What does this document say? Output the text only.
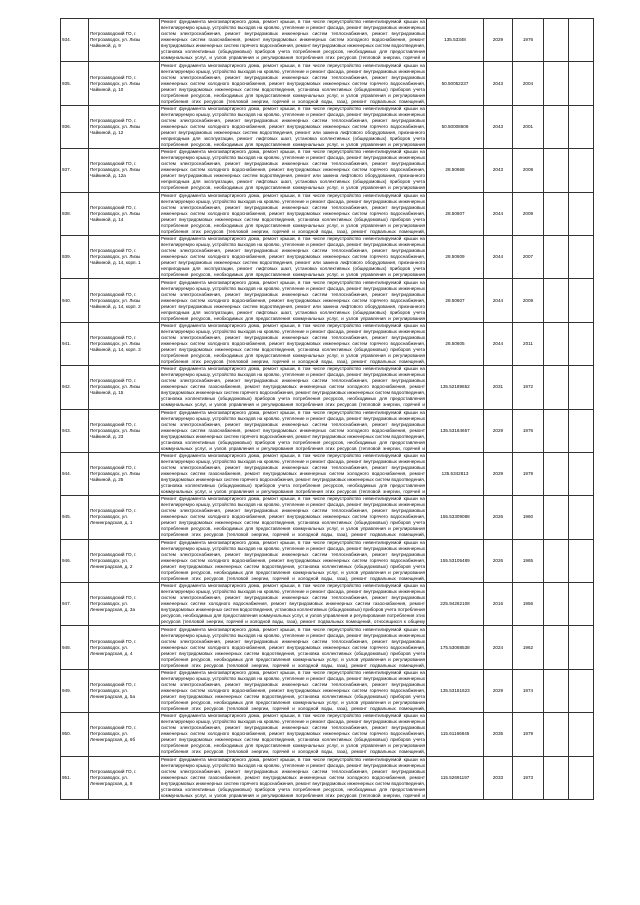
934.	Петрозаводский ГО, г. Петрозаводск, ул. Лизы Чайкиной, д. 9	Ремонт фундамента многоквартирного дома, ремонт крыши, в том числе переустройство невентилируемой крыши на вентилируемую крышу, устройство выходов на кровлю, утепление и ремонт фасада, ремонт внутридомовых инженерных систем электроснабжения, ремонт внутридомовых инженерных систем теплоснабжения, ремонт внутридомовых инженерных систем газоснабжения, ремонт внутридомовых инженерных систем холодного водоснабжения, ремонт внутридомовых инженерных систем горячего водоснабжения, ремонт внутридомовых инженерных систем водоотведения, установка коллективных (общедомовых) приборов учета потребления ресурсов, необходимых для предоставления коммунальных услуг, и узлов управления и регулирования потребления этих ресурсов (тепловой энергии, горячей и	135.53348	2029	1976		
935.	Петрозаводский ГО, г. Петрозаводск, ул. Лизы Чайкиной, д. 10	Ремонт фундамента многоквартирного дома, ремонт крыши, в том числе переустройство невентилируемой крыши на вентилируемую крышу, устройство выходов на кровлю, утепление и ремонт фасада, ремонт внутридомовых инженерных систем электроснабжения, ремонт внутридомовых инженерных систем теплоснабжения, ремонт внутридомовых инженерных систем холодного водоснабжения, ремонт внутридомовых инженерных систем горячего водоснабжения, ремонт внутридомовых инженерных систем водоотведения, установка коллективных (общедомовых) приборов учета потребления ресурсов, необходимых для предоставления коммунальных услуг, и узлов управления и регулирования потребления этих ресурсов (тепловой энергии, горячей и холодной воды, газа), ремонт подвальных помещений,	50.50052237	2043	2004		
936.	Петрозаводский ГО, г. Петрозаводск, ул. Лизы Чайкиной, д. 12	Ремонт фундамента многоквартирного дома, ремонт крыши, в том числе переустройство невентилируемой крыши на вентилируемую крышу, устройство выходов на кровлю, утепление и ремонт фасада, ремонт внутридомовых инженерных систем электроснабжения, ремонт внутридомовых инженерных систем теплоснабжения, ремонт внутридомовых инженерных систем холодного водоснабжения, ремонт внутридомовых инженерных систем горячего водоснабжения, ремонт внутридомовых инженерных систем водоотведения, ремонт или замена лифтового оборудования, признанного непригодным для эксплуатации, ремонт лифтовых шахт, установка коллективных (общедомовых) приборов учета потребления ресурсов, необходимых для предоставления коммунальных услуг, и узлов управления и регулирования	50.50008608	2043	2001		
937.	Петрозаводский ГО, г. Петрозаводск, ул. Лизы Чайкиной, д. 12а	Ремонт фундамента многоквартирного дома, ремонт крыши, в том числе переустройство невентилируемой крыши на вентилируемую крышу, устройство выходов на кровлю, утепление и ремонт фасада, ремонт внутридомовых инженерных систем электроснабжения, ремонт внутридомовых инженерных систем теплоснабжения, ремонт внутридомовых инженерных систем холодного водоснабжения, ремонт внутридомовых инженерных систем горячего водоснабжения, ремонт внутридомовых инженерных систем водоотведения, ремонт или замена лифтового оборудования, признанного непригодным для эксплуатации, ремонт лифтовых шахт, установка коллективных (общедомовых) приборов учета потребления ресурсов, необходимых для предоставления коммунальных услуг, и узлов управления и регулирования	28.50668	2043	2008		
938.	Петрозаводский ГО, г. Петрозаводск, ул. Лизы Чайкиной, д. 14	Ремонт фундамента многоквартирного дома, ремонт крыши, в том числе переустройство невентилируемой крыши на вентилируемую крышу, устройство выходов на кровлю, утепление и ремонт фасада, ремонт внутридомовых инженерных систем электроснабжения, ремонт внутридомовых инженерных систем теплоснабжения, ремонт внутридомовых инженерных систем холодного водоснабжения, ремонт внутридомовых инженерных систем горячего водоснабжения, ремонт внутридомовых инженерных систем водоотведения, установка коллективных (общедомовых) приборов учета потребления ресурсов, необходимых для предоставления коммунальных услуг, и узлов управления и регулирования потребления этих ресурсов (тепловой энергии, горячей и холодной воды, газа), ремонт подвальных помещений,	28.50607	2044	2009		
939.	Петрозаводский ГО, г. Петрозаводск, ул. Лизы Чайкиной, д. 14, корп. 1	Ремонт фундамента многоквартирного дома, ремонт крыши, в том числе переустройство невентилируемой крыши на вентилируемую крышу, устройство выходов на кровлю, утепление и ремонт фасада, ремонт внутридомовых инженерных систем электроснабжения, ремонт внутридомовых инженерных систем теплоснабжения, ремонт внутридомовых инженерных систем холодного водоснабжения, ремонт внутридомовых инженерных систем горячего водоснабжения, ремонт внутридомовых инженерных систем водоотведения, ремонт или замена лифтового оборудования, признанного непригодным для эксплуатации, ремонт лифтовых шахт, установка коллективных (общедомовых) приборов учета потребления ресурсов, необходимых для предоставления коммунальных услуг, и узлов управления и регулирования	28.50609	2044	2007		
940.	Петрозаводский ГО, г. Петрозаводск, ул. Лизы Чайкиной, д. 14, корп. 2	Ремонт фундамента многоквартирного дома, ремонт крыши, в том числе переустройство невентилируемой крыши на вентилируемую крышу, устройство выходов на кровлю, утепление и ремонт фасада, ремонт внутридомовых инженерных систем электроснабжения, ремонт внутридомовых инженерных систем теплоснабжения, ремонт внутридомовых инженерных систем холодного водоснабжения, ремонт внутридомовых инженерных систем горячего водоснабжения, ремонт внутридомовых инженерных систем водоотведения, ремонт или замена лифтового оборудования, признанного непригодным для эксплуатации, ремонт лифтовых шахт, установка коллективных (общедомовых) приборов учета потребления ресурсов, необходимых для предоставления коммунальных услуг, и узлов управления и регулирования	28.50607	2044	2009		
941.	Петрозаводский ГО, г. Петрозаводск, ул. Лизы Чайкиной, д. 14, корп. 3	Ремонт фундамента многоквартирного дома, ремонт крыши, в том числе переустройство невентилируемой крыши на вентилируемую крышу, устройство выходов на кровлю, утепление и ремонт фасада, ремонт внутридомовых инженерных систем электроснабжения, ремонт внутридомовых инженерных систем теплоснабжения, ремонт внутридомовых инженерных систем холодного водоснабжения, ремонт внутридомовых инженерных систем горячего водоснабжения, ремонт внутридомовых инженерных систем водоотведения, установка коллективных (общедомовых) приборов учета потребления ресурсов, необходимых для предоставления коммунальных услуг, и узлов управления и регулирования потребления этих ресурсов (тепловой энергии, горячей и холодной воды, газа), ремонт подвальных помещений,	28.50605	2044	2011		
942.	Петрозаводский ГО, г. Петрозаводск, ул. Лизы Чайкиной, д. 15	Ремонт фундамента многоквартирного дома, ремонт крыши, в том числе переустройство невентилируемой крыши на вентилируемую крышу, устройство выходов на кровлю, утепление и ремонт фасада, ремонт внутридомовых инженерных систем электроснабжения, ремонт внутридомовых инженерных систем теплоснабжения, ремонт внутридомовых инженерных систем газоснабжения, ремонт внутридомовых инженерных систем холодного водоснабжения, ремонт внутридомовых инженерных систем горячего водоснабжения, ремонт внутридомовых инженерных систем водоотведения, установка коллективных (общедомовых) приборов учета потребления ресурсов, необходимых для предоставления коммунальных услуг, и узлов управления и регулирования потребления этих ресурсов (тепловой энергии, горячей и	135.52189652	2031	1972		
943.	Петрозаводский ГО, г. Петрозаводск, ул. Лизы Чайкиной, д. 23	Ремонт фундамента многоквартирного дома, ремонт крыши, в том числе переустройство невентилируемой крыши на вентилируемую крышу, устройство выходов на кровлю, утепление и ремонт фасада, ремонт внутридомовых инженерных систем электроснабжения, ремонт внутридомовых инженерных систем теплоснабжения, ремонт внутридомовых инженерных систем газоснабжения, ремонт внутридомовых инженерных систем холодного водоснабжения, ремонт внутридомовых инженерных систем горячего водоснабжения, ремонт внутридомовых инженерных систем водоотведения, установка коллективных (общедомовых) приборов учета потребления ресурсов, необходимых для предоставления коммунальных услуг, и узлов управления и регулирования потребления этих ресурсов (тепловой энергии, горячей и	135.53184657	2029	1976		
944.	Петрозаводский ГО, г. Петрозаводск, ул. Лизы Чайкиной, д. 25	Ремонт фундамента многоквартирного дома, ремонт крыши, в том числе переустройство невентилируемой крыши на вентилируемую крышу, устройство выходов на кровлю, утепление и ремонт фасада, ремонт внутридомовых инженерных систем электроснабжения, ремонт внутридомовых инженерных систем теплоснабжения, ремонт внутридомовых инженерных систем газоснабжения, ремонт внутридомовых инженерных систем холодного водоснабжения, ремонт внутридомовых инженерных систем горячего водоснабжения, ремонт внутридомовых инженерных систем водоотведения, установка коллективных (общедомовых) приборов учета потребления ресурсов, необходимых для предоставления коммунальных услуг, и узлов управления и регулирования потребления этих ресурсов (тепловой энергии, горячей и	135.5342813	2029	1979		
945.	Петрозаводский ГО, г. Петрозаводск, ул. Ленинградская, д. 1	Ремонт фундамента многоквартирного дома, ремонт крыши, в том числе переустройство невентилируемой крыши на вентилируемую крышу, устройство выходов на кровлю, утепление и ремонт фасада, ремонт внутридомовых инженерных систем электроснабжения, ремонт внутридомовых инженерных систем теплоснабжения, ремонт внутридомовых инженерных систем холодного водоснабжения, ремонт внутридомовых инженерных систем горячего водоснабжения, ремонт внутридомовых инженерных систем водоотведения, установка коллективных (общедомовых) приборов учета потребления ресурсов, необходимых для предоставления коммунальных услуг, и узлов управления и регулирования потребления этих ресурсов (тепловой энергии, горячей и холодной воды, газа), ремонт подвальных помещений,	155.53309088	2026	1960		
946.	Петрозаводский ГО, г. Петрозаводск, ул. Ленинградская, д. 2	Ремонт фундамента многоквартирного дома, ремонт крыши, в том числе переустройство невентилируемой крыши на вентилируемую крышу, устройство выходов на кровлю, утепление и ремонт фасада, ремонт внутридомовых инженерных систем электроснабжения, ремонт внутридомовых инженерных систем теплоснабжения, ремонт внутридомовых инженерных систем холодного водоснабжения, ремонт внутридомовых инженерных систем горячего водоснабжения, ремонт внутридомовых инженерных систем водоотведения, установка коллективных (общедомовых) приборов учета потребления ресурсов, необходимых для предоставления коммунальных услуг, и узлов управления и регулирования потребления этих ресурсов (тепловой энергии, горячей и холодной воды, газа), ремонт подвальных помещений,	155.53105489	2026	1965		
947.	Петрозаводский ГО, г. Петрозаводск, ул. Ленинградская, д. 3а	Ремонт фундамента многоквартирного дома, ремонт крыши, в том числе переустройство невентилируемой крыши на вентилируемую крышу, устройство выходов на кровлю, утепление и ремонт фасада, ремонт внутридомовых инженерных систем электроснабжения, ремонт внутридомовых инженерных систем теплоснабжения, ремонт внутридомовых инженерных систем холодного водоснабжения, ремонт внутридомовых инженерных систем газоснабжения, ремонт внутридомовых инженерных систем водоотведения, установка коллективных (общедомовых) приборов учета потребления ресурсов, необходимых для предоставления коммунальных услуг, и узлов управления и регулирования потребления этих ресурсов (тепловой энергии, горячей и холодной воды, газа), ремонт подвальных помещений, относящихся к общему	225.94262108	2016	1956		
948.	Петрозаводский ГО, г. Петрозаводск, ул. Ленинградская, д. 4	Ремонт фундамента многоквартирного дома, ремонт крыши, в том числе переустройство невентилируемой крыши на вентилируемую крышу, устройство выходов на кровлю, утепление и ремонт фасада, ремонт внутридомовых инженерных систем электроснабжения, ремонт внутридомовых инженерных систем теплоснабжения, ремонт внутридомовых инженерных систем холодного водоснабжения, ремонт внутридомовых инженерных систем горячего водоснабжения, ремонт внутридомовых инженерных систем водоотведения, установка коллективных (общедомовых) приборов учета потребления ресурсов, необходимых для предоставления коммунальных услуг, и узлов управления и регулирования потребления этих ресурсов (тепловой энергии, горячей и холодной воды, газа), ремонт подвальных помещений,	175.53068538	2024	1962		
949.	Петрозаводский ГО, г. Петрозаводск, ул. Ленинградская, д. 5а	Ремонт фундамента многоквартирного дома, ремонт крыши, в том числе переустройство невентилируемой крыши на вентилируемую крышу, устройство выходов на кровлю, утепление и ремонт фасада, ремонт внутридомовых инженерных систем электроснабжения, ремонт внутридомовых инженерных систем теплоснабжения, ремонт внутридомовых инженерных систем холодного водоснабжения, ремонт внутридомовых инженерных систем горячего водоснабжения, ремонт внутридомовых инженерных систем водоотведения, установка коллективных (общедомовых) приборов учета потребления ресурсов, необходимых для предоставления коммунальных услуг, и узлов управления и регулирования потребления этих ресурсов (тепловой энергии, горячей и холодной воды, газа), ремонт подвальных помещений,	135.53181623	2029	1974		
950.	Петрозаводский ГО, г. Петрозаводск, ул. Ленинградская, д. 6б	Ремонт фундамента многоквартирного дома, ремонт крыши, в том числе переустройство невентилируемой крыши на вентилируемую крышу, устройство выходов на кровлю, утепление и ремонт фасада, ремонт внутридомовых инженерных систем электроснабжения, ремонт внутридомовых инженерных систем теплоснабжения, ремонт внутридомовых инженерных систем холодного водоснабжения, ремонт внутридомовых инженерных систем горячего водоснабжения, ремонт внутридомовых инженерных систем водоотведения, установка коллективных (общедомовых) приборов учета потребления ресурсов, необходимых для предоставления коммунальных услуг, и узлов управления и регулирования потребления этих ресурсов (тепловой энергии, горячей и холодной воды, газа), ремонт подвальных помещений,	115.61166845	2035	1979		
951.	Петрозаводский ГО, г. Петрозаводск, ул. Ленинградская, д. 8	Ремонт фундамента многоквартирного дома, ремонт крыши, в том числе переустройство невентилируемой крыши на вентилируемую крышу, устройство выходов на кровлю, утепление и ремонт фасада, ремонт внутридомовых инженерных систем электроснабжения, ремонт внутридомовых инженерных систем теплоснабжения, ремонт внутридомовых инженерных систем газоснабжения, ремонт внутридомовых инженерных систем холодного водоснабжения, ремонт внутридомовых инженерных систем горячего водоснабжения, ремонт внутридомовых инженерных систем водоотведения, установка коллективных (общедомовых) приборов учета потребления ресурсов, необходимых для предоставления коммунальных услуг, и узлов управления и регулирования потребления этих ресурсов (тепловой энергии, горячей и	115.52691197	2033	1973		
